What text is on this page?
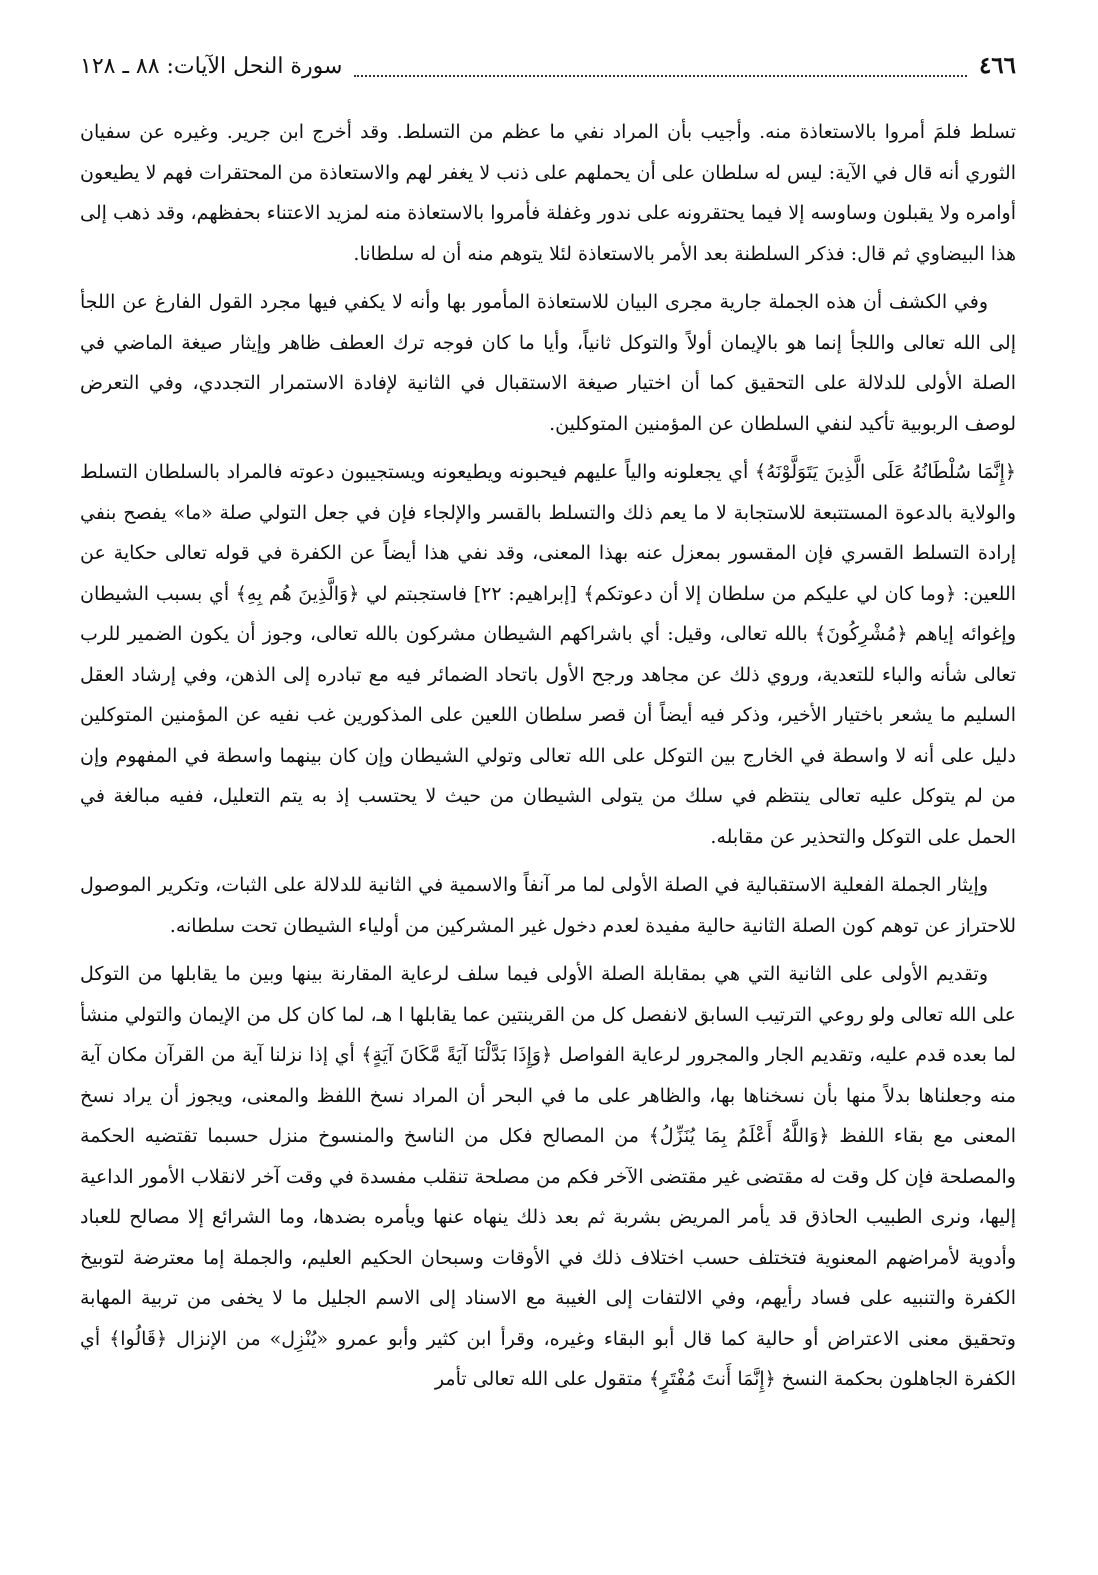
٤٦٦
سورة النحل الآيات: ٨٨ ـ ١٢٨

تسلط فلمَ أمروا بالاستعاذة منه. وأجيب بأن المراد نفي ما عظم من التسلط. وقد أخرج ابن جرير. وغيره عن سفيان الثوري أنه قال في الآية: ليس له سلطان على أن يحملهم على ذنب لا يغفر لهم والاستعاذة من المحتقرات فهم لا يطيعون أوامره ولا يقبلون وساوسه إلا فيما يحتقرونه على ندور وغفلة فأمروا بالاستعاذة منه لمزيد الاعتناء بحفظهم، وقد ذهب إلى هذا البيضاوي ثم قال: فذكر السلطنة بعد الأمر بالاستعاذة لئلا يتوهم منه أن له سلطانا.

وفي الكشف أن هذه الجملة جارية مجرى البيان للاستعاذة المأمور بها وأنه لا يكفي فيها مجرد القول الفارغ عن اللجأ إلى الله تعالى واللجأ إنما هو بالإيمان أولاً والتوكل ثانياً، وأيا ما كان فوجه ترك العطف ظاهر وإيثار صيغة الماضي في الصلة الأولى للدلالة على التحقيق كما أن اختيار صيغة الاستقبال في الثانية لإفادة الاستمرار التجددي، وفي التعرض لوصف الربوبية تأكيد لنفي السلطان عن المؤمنين المتوكلين.

﴿إِنَّمَا سُلْطَانُهُ عَلَى الَّذِينَ يَتَوَلَّوْنَهُ﴾ أي يجعلونه والياً عليهم فيحبونه ويطيعونه ويستجيبون دعوته فالمراد بالسلطان التسلط والولاية بالدعوة المستتبعة للاستجابة لا ما يعم ذلك والتسلط بالقسر والإلجاء فإن في جعل التولي صلة «ما» يفصح بنفي إرادة التسلط القسري فإن المقسور بمعزل عنه بهذا المعنى، وقد نفي هذا أيضاً عن الكفرة في قوله تعالى حكاية عن اللعين: ﴿وما كان لي عليكم من سلطان إلا أن دعوتكم﴾ [إبراهيم: ٢٢] فاستجبتم لي ﴿وَالَّذِينَ هُم بِهِ﴾ أي بسبب الشيطان وإغوائه إياهم ﴿مُشْرِكُونَ﴾ بالله تعالى، وقيل: أي باشراكهم الشيطان مشركون بالله تعالى، وجوز أن يكون الضمير للرب تعالى شأنه والباء للتعدية، وروي ذلك عن مجاهد ورجح الأول باتحاد الضمائر فيه مع تبادره إلى الذهن، وفي إرشاد العقل السليم ما يشعر باختيار الأخير، وذكر فيه أيضاً أن قصر سلطان اللعين على المذكورين غب نفيه عن المؤمنين المتوكلين دليل على أنه لا واسطة في الخارج بين التوكل على الله تعالى وتولي الشيطان وإن كان بينهما واسطة في المفهوم وإن من لم يتوكل عليه تعالى ينتظم في سلك من يتولى الشيطان من حيث لا يحتسب إذ به يتم التعليل، ففيه مبالغة في الحمل على التوكل والتحذير عن مقابله.

وإيثار الجملة الفعلية الاستقبالية في الصلة الأولى لما مر آنفاً والاسمية في الثانية للدلالة على الثبات، وتكرير الموصول للاحتراز عن توهم كون الصلة الثانية حالية مفيدة لعدم دخول غير المشركين من أولياء الشيطان تحت سلطانه.

وتقديم الأولى على الثانية التي هي بمقابلة الصلة الأولى فيما سلف لرعاية المقارنة بينها وبين ما يقابلها من التوكل على الله تعالى ولو روعي الترتيب السابق لانفصل كل من القرينتين عما يقابلها ا هـ، لما كان كل من الإيمان والتولي منشأ لما بعده قدم عليه، وتقديم الجار والمجرور لرعاية الفواصل ﴿وَإِذَا بَدَّلْنَا آيَةً مَّكَانَ آيَةٍ﴾ أي إذا نزلنا آية من القرآن مكان آية منه وجعلناها بدلاً منها بأن نسخناها بها، والظاهر على ما في البحر أن المراد نسخ اللفظ والمعنى، ويجوز أن يراد نسخ المعنى مع بقاء اللفظ ﴿وَاللَّهُ أَعْلَمُ بِمَا يُنَزِّلُ﴾ من المصالح فكل من الناسخ والمنسوخ منزل حسبما تقتضيه الحكمة والمصلحة فإن كل وقت له مقتضى غير مقتضى الآخر فكم من مصلحة تنقلب مفسدة في وقت آخر لانقلاب الأمور الداعية إليها، ونرى الطبيب الحاذق قد يأمر المريض بشربة ثم بعد ذلك ينهاه عنها ويأمره بضدها، وما الشرائع إلا مصالح للعباد وأدوية لأمراضهم المعنوية فتختلف حسب اختلاف ذلك في الأوقات وسبحان الحكيم العليم، والجملة إما معترضة لتوبيخ الكفرة والتنبيه على فساد رأيهم، وفي الالتفات إلى الغيبة مع الاسناد إلى الاسم الجليل ما لا يخفى من تربية المهابة وتحقيق معنى الاعتراض أو حالية كما قال أبو البقاء وغيره، وقرأ ابن كثير وأبو عمرو «يُنْزِل» من الإنزال ﴿قَالُوا﴾ أي الكفرة الجاهلون بحكمة النسخ ﴿إِنَّمَا أَنتَ مُفْتَرٍ﴾ متقول على الله تعالى تأمر
